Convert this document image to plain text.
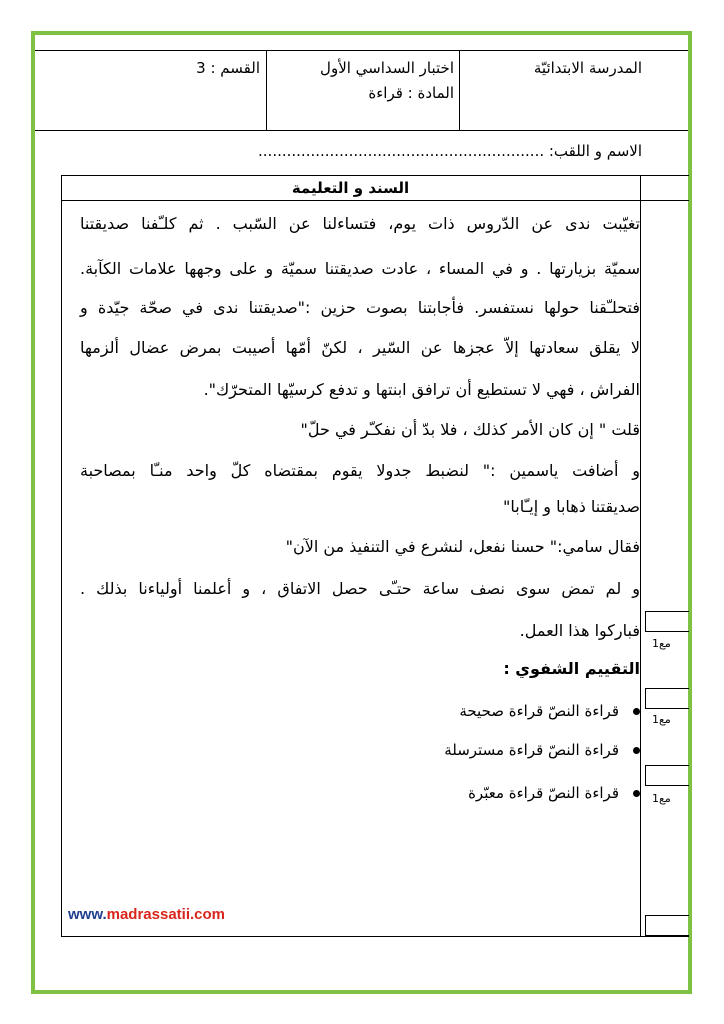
المدرسة الابتدائيّة
اختبار السداسي الأول
المادة : قراءة
القسم : 3
الاسم و اللقب: ............................................................
السند و التعليمة
تغيّبت ندى عن الدّروس ذات يوم، فتساءلنا عن السّبب . ثم كلـّفنا صديقتنا
سميّة بزيارتها . و في المساء ، عادت صديقتنا سميّة و على وجهها علامات الكآبة.
فتحلـّقنا حولها نستفسر. فأجابتنا بصوت حزين :"صديقتنا ندى في صحّة جيّدة و
لا يقلق سعادتها إلاّ عجزها عن السّير ، لكنّ أمّها أصيبت بمرض عضال ألزمها
الفراش ، فهي لا تستطيع أن ترافق ابنتها و تدفع كرسيّها المتحرّك".
قلت " إن كان الأمر كذلك ، فلا بدّ أن نفكـّر في حلّ"
و أضافت ياسمين :" لنضبط جدولا يقوم بمقتضاه كلّ واحد منـّا بمصاحبة
صديقتنا ذهابا و إيـّابا"
فقال سامي:" حسنا نفعل، لنشرع في التنفيذ من الآن"
و لم تمض سوى نصف ساعة حتـّى حصل الاتفاق ، و أعلمنا أولياءنا بذلك .
فباركوا هذا العمل.
التقييم الشفوي :
قراءة النصّ قراءة صحيحة
قراءة النصّ قراءة مسترسلة
قراءة النصّ قراءة معبّرة
مع1
مع1
مع1
www.madrassatii.com
